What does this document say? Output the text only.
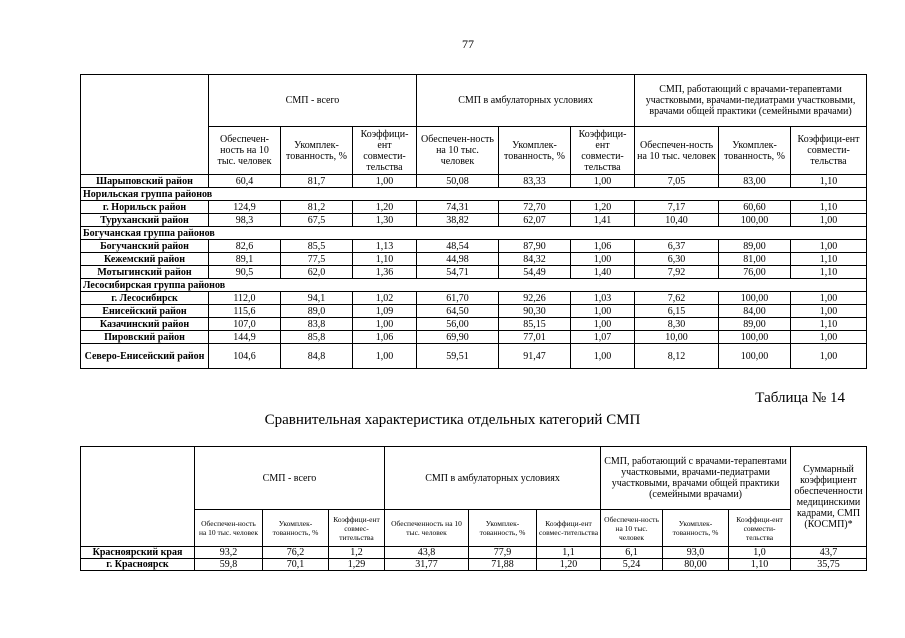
77
	СМП - всего			СМП в амбулаторных условиях			СМП, работающий с врачами-терапевтами участковыми, врачами-педиатрами участковыми, врачами общей практики (семейными врачами)		
	Обеспечен-ность на 10 тыс. человек	Укомплек-тованность, %	Коэффици-ент совмести-тельства	Обеспечен-ность на 10 тыс. человек	Укомплек-тованность, %	Коэффици-ент совмести-тельства	Обеспечен-ность на 10 тыс. человек	Укомплек-тованность, %	Коэффици-ент совмести-тельства
Шарыповский район	60,4	81,7	1,00	50,08	83,33	1,00	7,05	83,00	1,10
Норильская группа районов									
г. Норильск район	124,9	81,2	1,20	74,31	72,70	1,20	7,17	60,60	1,10
Туруханский район	98,3	67,5	1,30	38,82	62,07	1,41	10,40	100,00	1,00
Богучанская группа районов									
Богучанский район	82,6	85,5	1,13	48,54	87,90	1,06	6,37	89,00	1,00
Кежемский район	89,1	77,5	1,10	44,98	84,32	1,00	6,30	81,00	1,10
Мотыгинский район	90,5	62,0	1,36	54,71	54,49	1,40	7,92	76,00	1,10
Лесосибирская группа районов									
г. Лесосибирск	112,0	94,1	1,02	61,70	92,26	1,03	7,62	100,00	1,00
Енисейский район	115,6	89,0	1,09	64,50	90,30	1,00	6,15	84,00	1,00
Казачинский район	107,0	83,8	1,00	56,00	85,15	1,00	8,30	89,00	1,10
Пировский район	144,9	85,8	1,06	69,90	77,01	1,07	10,00	100,00	1,00
Северо-Енисейский район	104,6	84,8	1,00	59,51	91,47	1,00	8,12	100,00	1,00
Таблица № 14
Сравнительная характеристика отдельных категорий СМП
	СМП - всего			СМП в амбулаторных условиях			СМП, работающий с врачами-терапевтами участковыми, врачами-педиатрами участковыми, врачами общей практики (семейными врачами)			Суммарный коэффициент обеспеченности медицинскими кадрами, СМП (КОСМП)*
	Обеспечен-ность на 10 тыс. человек	Укомплек-тованность, %	Коэффици-ент совмес-тительства	Обеспеченность на 10 тыс. человек	Укомплек-тованность, %	Коэффици-ент совмес-тительства	Обеспечен-ность на 10 тыс. человек	Укомплек-тованность, %	Коэффици-ент совмести-тельства	
Красноярский края	93,2	76,2	1,2	43,8	77,9	1,1	6,1	93,0	1,0	43,7
г. Красноярск	59,8	70,1	1,29	31,77	71,88	1,20	5,24	80,00	1,10	35,75
